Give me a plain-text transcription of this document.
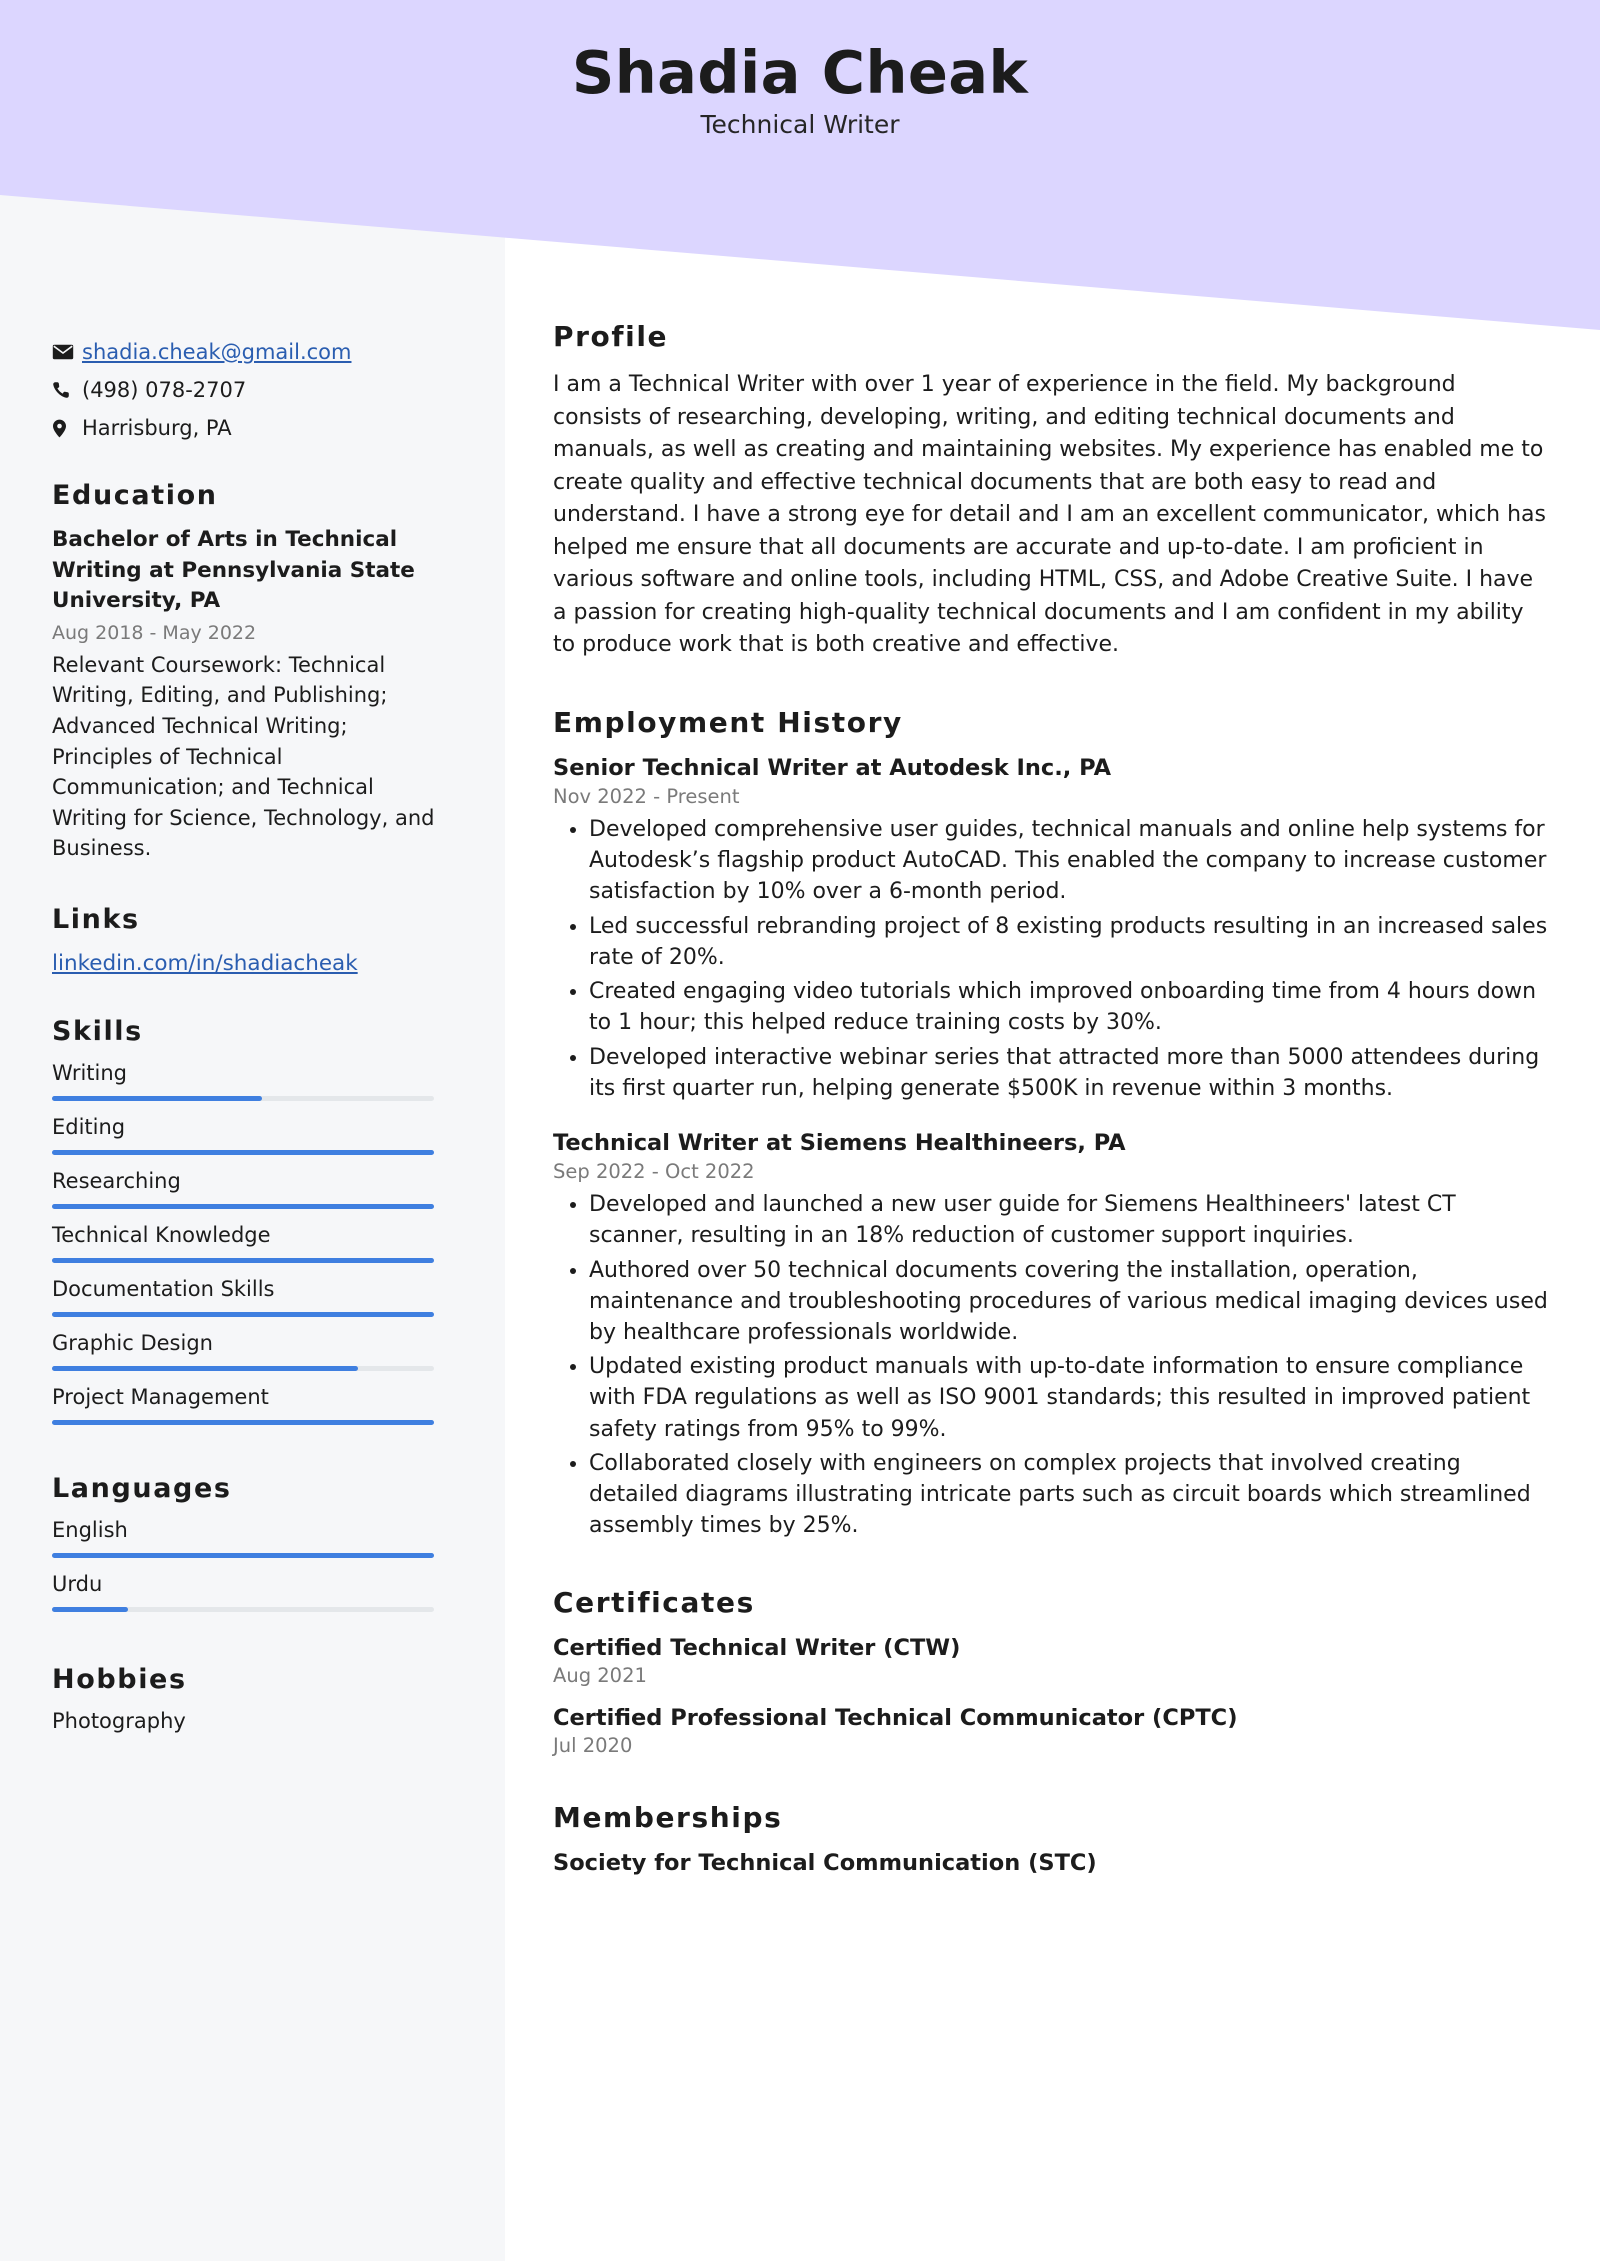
shadia.cheak@gmail.com
(498) 078-2707
Harrisburg, PA
Education
Bachelor of Arts in Technical Writing at Pennsylvania State University, PA
Aug 2018 - May 2022
Relevant Coursework: Technical Writing, Editing, and Publishing; Advanced Technical Writing; Principles of Technical Communication; and Technical Writing for Science, Technology, and Business.
Links
linkedin.com/in/shadiacheak
Skills
Writing
Editing
Researching
Technical Knowledge
Documentation Skills
Graphic Design
Project Management
Languages
English
Urdu
Hobbies
Photography
Shadia Cheak
Technical Writer
Profile
I am a Technical Writer with over 1 year of experience in the field. My background consists of researching, developing, writing, and editing technical documents and manuals, as well as creating and maintaining websites. My experience has enabled me to create quality and effective technical documents that are both easy to read and understand. I have a strong eye for detail and I am an excellent communicator, which has helped me ensure that all documents are accurate and up-to-date. I am proficient in various software and online tools, including HTML, CSS, and Adobe Creative Suite. I have a passion for creating high-quality technical documents and I am confident in my ability to produce work that is both creative and effective.
Employment History
Senior Technical Writer at Autodesk Inc., PA
Nov 2022 - Present
• Developed comprehensive user guides, technical manuals and online help systems for Autodesk’s flagship product AutoCAD. This enabled the company to increase customer satisfaction by 10% over a 6-month period.
• Led successful rebranding project of 8 existing products resulting in an increased sales rate of 20%.
• Created engaging video tutorials which improved onboarding time from 4 hours down to 1 hour; this helped reduce training costs by 30%.
• Developed interactive webinar series that attracted more than 5000 attendees during its first quarter run, helping generate $500K in revenue within 3 months.
Technical Writer at Siemens Healthineers, PA
Sep 2022 - Oct 2022
• Developed and launched a new user guide for Siemens Healthineers' latest CT scanner, resulting in an 18% reduction of customer support inquiries.
• Authored over 50 technical documents covering the installation, operation, maintenance and troubleshooting procedures of various medical imaging devices used by healthcare professionals worldwide.
• Updated existing product manuals with up-to-date information to ensure compliance with FDA regulations as well as ISO 9001 standards; this resulted in improved patient safety ratings from 95% to 99%.
• Collaborated closely with engineers on complex projects that involved creating detailed diagrams illustrating intricate parts such as circuit boards which streamlined assembly times by 25%.
Certificates
Certified Technical Writer (CTW)
Aug 2021
Certified Professional Technical Communicator (CPTC)
Jul 2020
Memberships
Society for Technical Communication (STC)
